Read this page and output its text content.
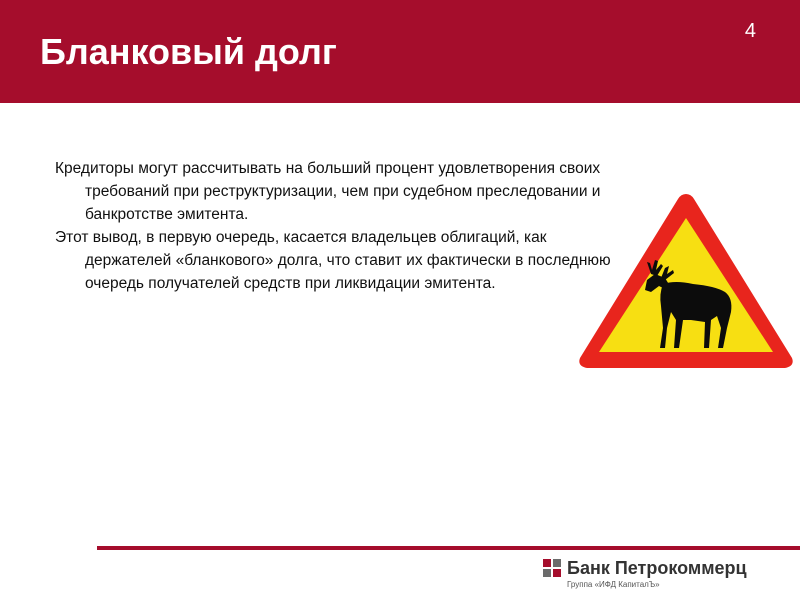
Бланковый долг	4

Кредиторы могут рассчитывать на больший процент удовлетворения своих требований при реструктуризации, чем при судебном преследовании и банкротстве эмитента.

Этот вывод, в первую очередь, касается владельцев облигаций, как держателей «бланкового» долга, что ставит их фактически в последнюю очередь получателей средств при ликвидации эмитента.

Банк Петрокоммерц
Группа «ИФД КапиталЪ»
